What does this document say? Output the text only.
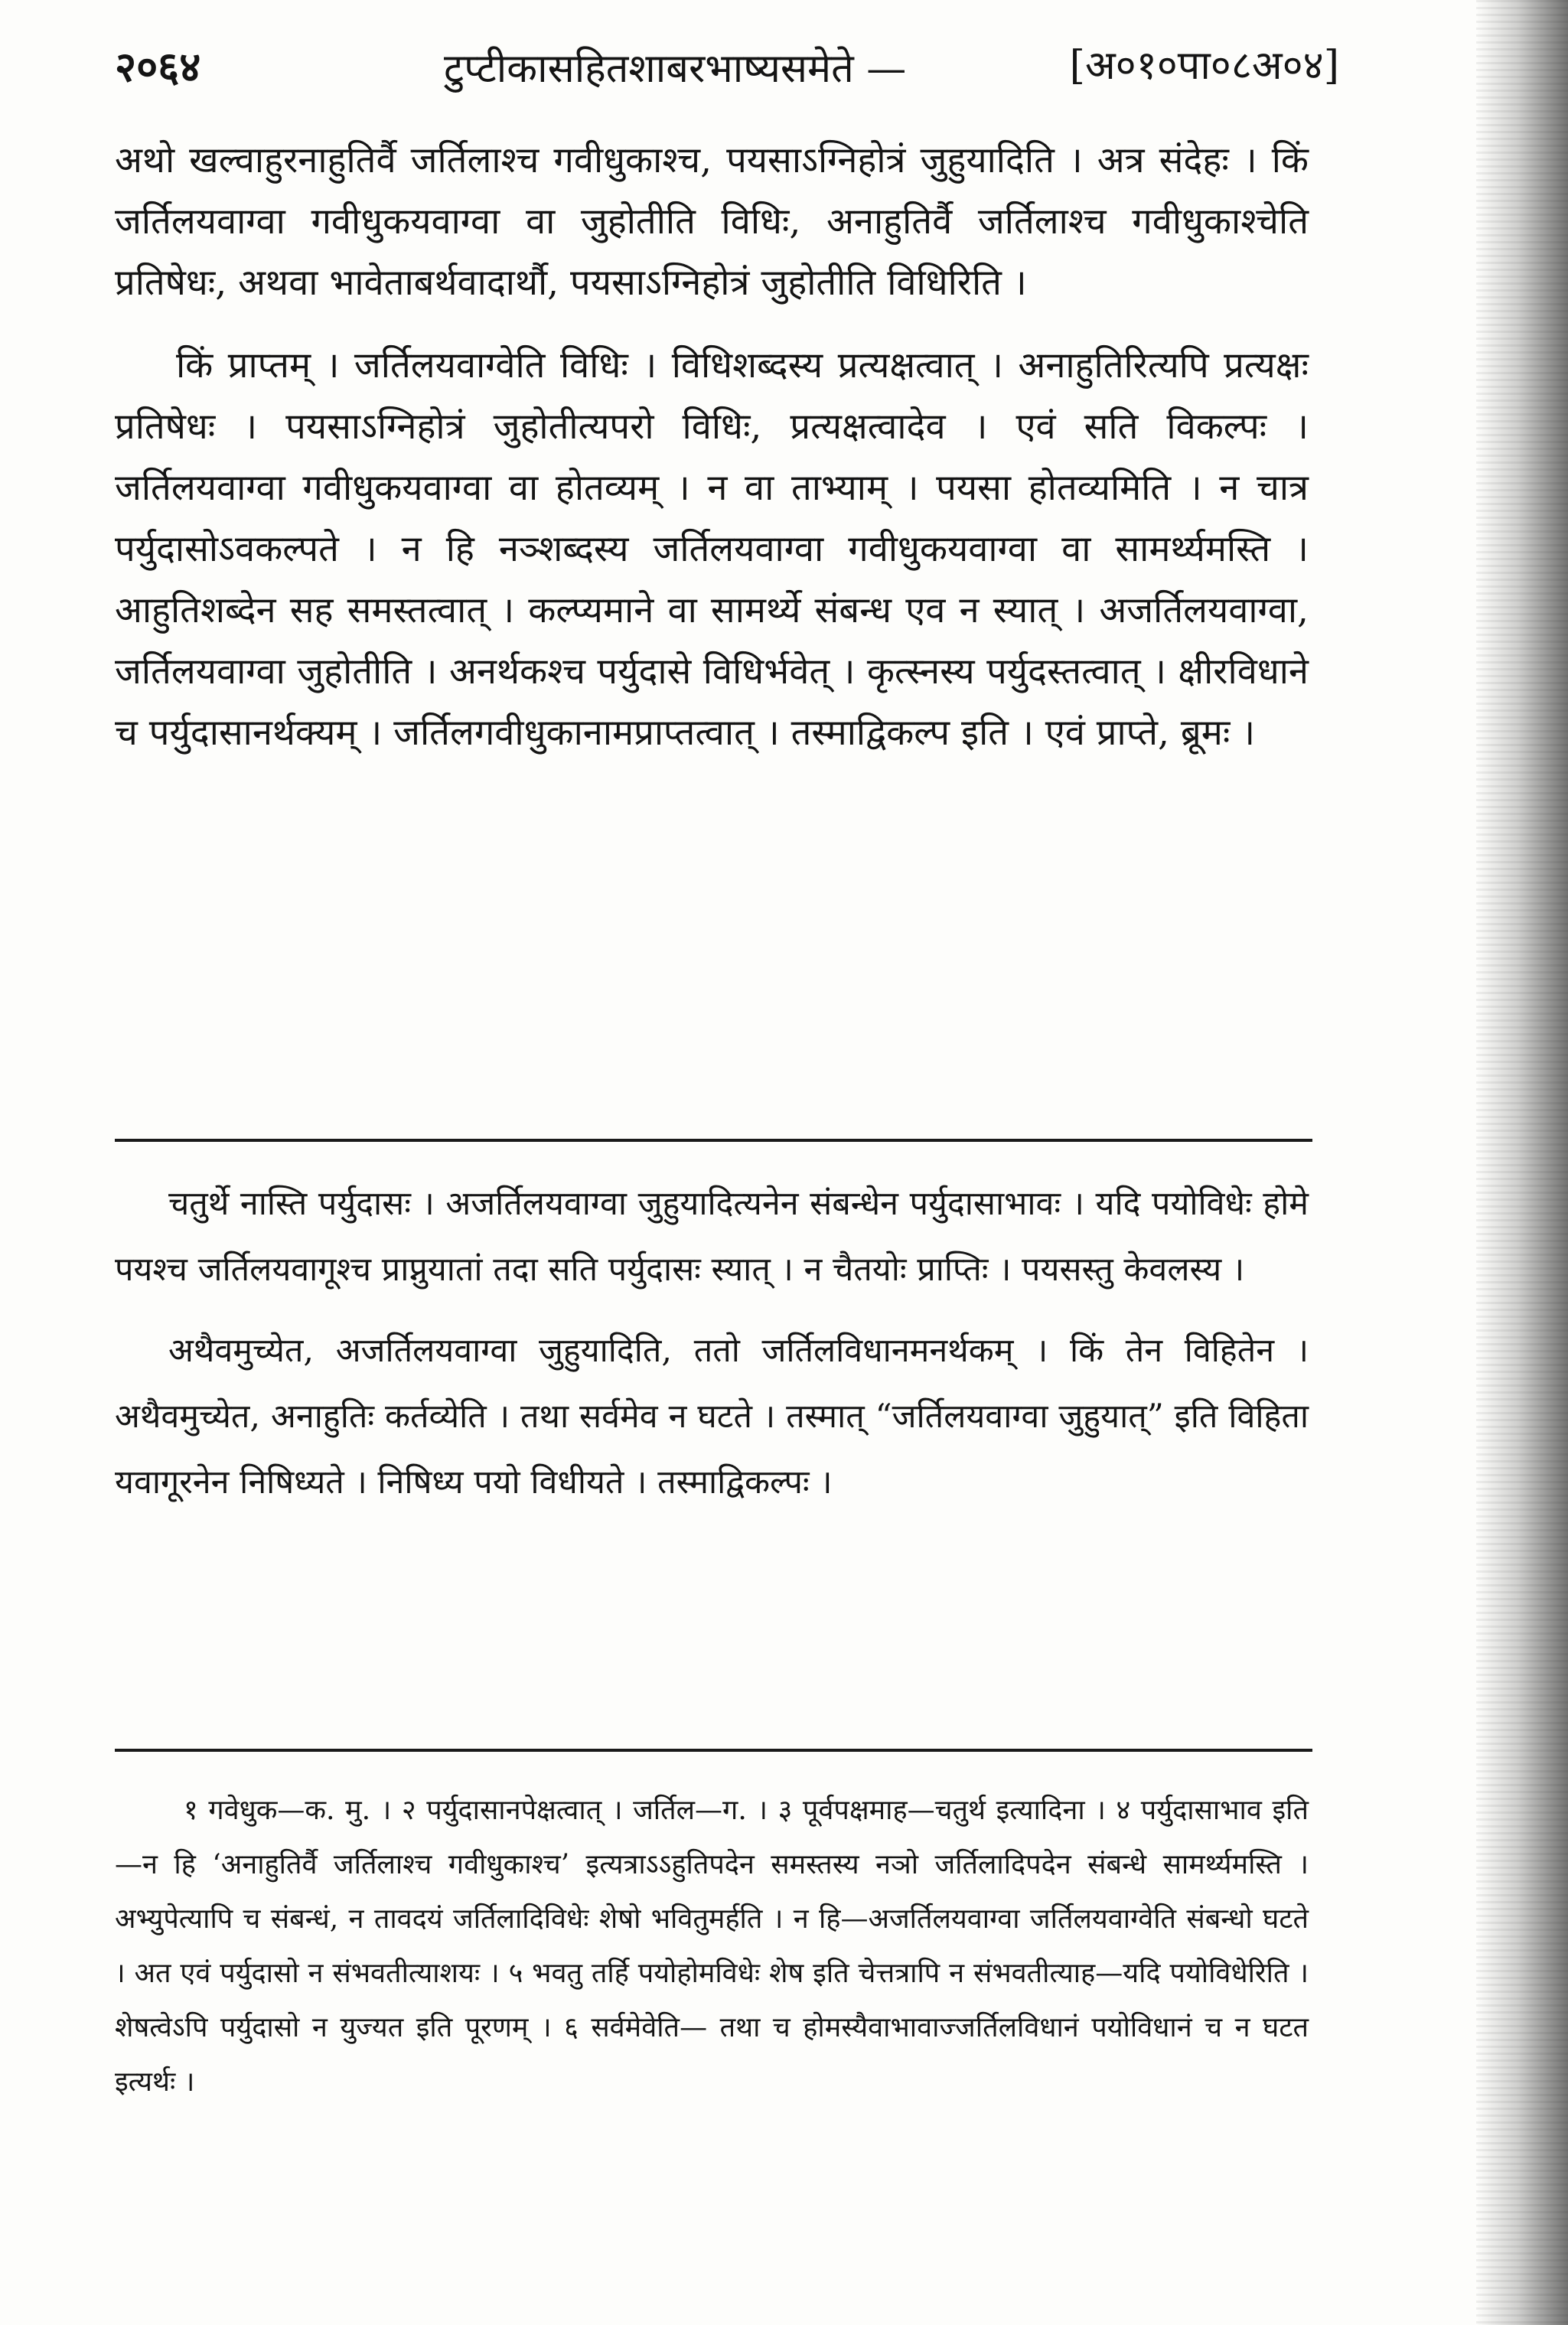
२०६४	टुप्टीकासहितशाबरभाष्यसमेते —	[अ०१०पा०८अ०४]

अथो खल्वाहुरनाहुतिर्वै जर्तिलाश्च गवीधुकाश्च, पयसाऽग्निहोत्रं जुहुयादिति । अत्र संदेहः । किं जर्तिलयवाग्वा गवीधुकयवाग्वा वा जुहोतीति विधिः, अनाहुतिर्वै जर्तिलाश्च गवीधुकाश्चेति प्रतिषेधः, अथवा भावेताबर्थवादार्थौ, पयसाऽग्निहोत्रं जुहोतीति विधिरिति ।

किं प्राप्तम् । जर्तिलयवाग्वेति विधिः । विधिशब्दस्य प्रत्यक्षत्वात् । अनाहुतिरित्यपि प्रत्यक्षः प्रतिषेधः । पयसाऽग्निहोत्रं जुहोतीत्यपरो विधिः, प्रत्यक्षत्वादेव । एवं सति विकल्पः । जर्तिलयवाग्वा गवीधुकयवाग्वा वा होतव्यम् । न वा ताभ्याम् । पयसा होतव्यमिति । न चात्र पर्युदासोऽवकल्पते । न हि नञ्शब्दस्य जर्तिलयवाग्वा गवीधुकयवाग्वा वा सामर्थ्यमस्ति । आहुतिशब्देन सह समस्तत्वात् । कल्प्यमाने वा सामर्थ्ये संबन्ध एव न स्यात् । अजर्तिलयवाग्वा, जर्तिलयवाग्वा जुहोतीति । अनर्थकश्च पर्युदासे विधिर्भवेत् । कृत्स्नस्य पर्युदस्तत्वात् । क्षीरविधाने च पर्युदासानर्थक्यम् । जर्तिलगवीधुकानामप्राप्तत्वात् । तस्माद्विकल्प इति । एवं प्राप्ते, ब्रूमः ।

चतुर्थे नास्ति पर्युदासः । अजर्तिलयवाग्वा जुहुयादित्यनेन संबन्धेन पर्युदासाभावः । यदि पयोविधेः होमे पयश्च जर्तिलयवागूश्च प्राप्नुयातां तदा सति पर्युदासः स्यात् । न चैतयोः प्राप्तिः । पयसस्तु केवलस्य ।

अथैवमुच्येत, अजर्तिलयवाग्वा जुहुयादिति, ततो जर्तिलविधानमनर्थकम् । किं तेन विहितेन । अथैवमुच्येत, अनाहुतिः कर्तव्येति । तथा सर्वमेव न घटते । तस्मात् “जर्तिलयवाग्वा जुहुयात्” इति विहिता यवागूरनेन निषिध्यते । निषिध्य पयो विधीयते । तस्माद्विकल्पः ।

१ गवेधुक—क. मु. । २ पर्युदासानपेक्षत्वात् । जर्तिल—ग. । ३ पूर्वपक्षमाह—चतुर्थ इत्यादिना । ४ पर्युदासाभाव इति—न हि ‘अनाहुतिर्वै जर्तिलाश्च गवीधुकाश्च’ इत्यत्राऽऽहुतिपदेन समस्तस्य नञो जर्तिलादिपदेन संबन्धे सामर्थ्यमस्ति । अभ्युपेत्यापि च संबन्धं, न तावदयं जर्तिलादिविधेः शेषो भवितुमर्हति । न हि—अजर्तिलयवाग्वा जर्तिलयवाग्वेति संबन्धो घटते । अत एवं पर्युदासो न संभवतीत्याशयः । ५ भवतु तर्हि पयोहोमविधेः शेष इति चेत्तत्रापि न संभवतीत्याह—यदि पयोविधेरिति । शेषत्वेऽपि पर्युदासो न युज्यत इति पूरणम् । ६ सर्वमेवेति— तथा च होमस्यैवाभावाज्जर्तिलविधानं पयोविधानं च न घटत इत्यर्थः ।
